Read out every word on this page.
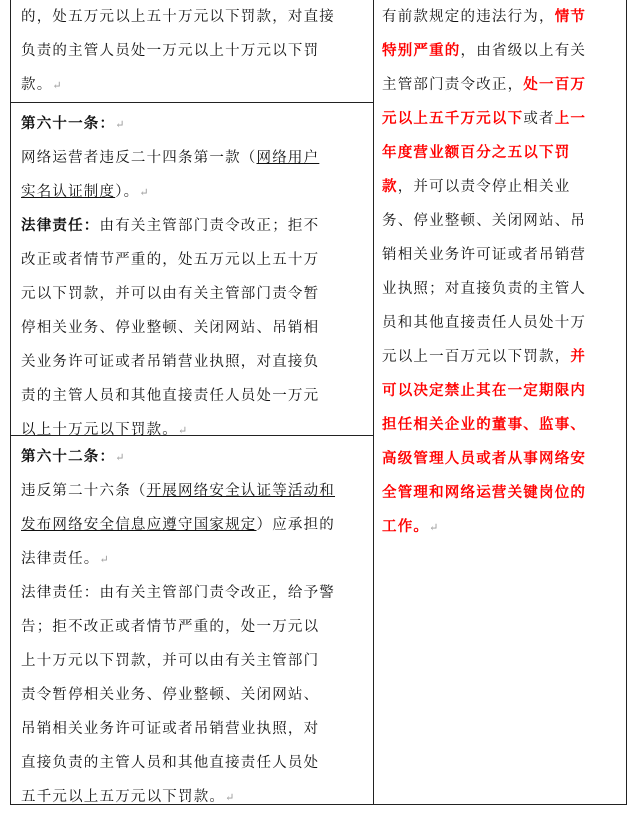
的，处五万元以上五十万元以下罚款，对直接
负责的主管人员处一万元以上十万元以下罚
款。↵
第六十一条：↵
网络运营者违反二十四条第一款（网络用户
实名认证制度）。↵
法律责任：由有关主管部门责令改正；拒不
改正或者情节严重的，处五万元以上五十万
元以下罚款，并可以由有关主管部门责令暂
停相关业务、停业整顿、关闭网站、吊销相
关业务许可证或者吊销营业执照，对直接负
责的主管人员和其他直接责任人员处一万元
以上十万元以下罚款。↵
第六十二条：↵
违反第二十六条（开展网络安全认证等活动和
发布网络安全信息应遵守国家规定）应承担的
法律责任。↵
法律责任：由有关主管部门责令改正，给予警
告；拒不改正或者情节严重的，处一万元以
上十万元以下罚款，并可以由有关主管部门
责令暂停相关业务、停业整顿、关闭网站、
吊销相关业务许可证或者吊销营业执照，对
直接负责的主管人员和其他直接责任人员处
五千元以上五万元以下罚款。↵
有前款规定的违法行为，情节
特别严重的，由省级以上有关
主管部门责令改正，处一百万
元以上五千万元以下或者上一
年度营业额百分之五以下罚
款，并可以责令停止相关业
务、停业整顿、关闭网站、吊
销相关业务许可证或者吊销营
业执照；对直接负责的主管人
员和其他直接责任人员处十万
元以上一百万元以下罚款，并
可以决定禁止其在一定期限内
担任相关企业的董事、监事、
高级管理人员或者从事网络安
全管理和网络运营关键岗位的
工作。↵
